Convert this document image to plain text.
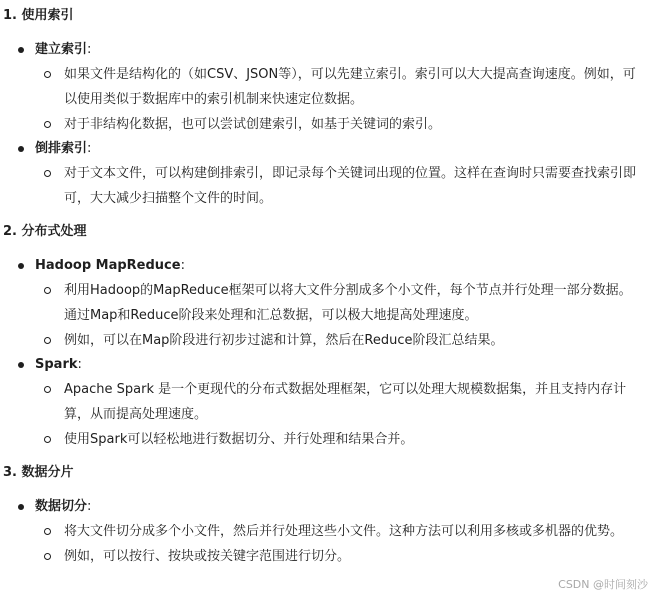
1. 使用索引
建立索引:
如果文件是结构化的（如CSV、JSON等），可以先建立索引。索引可以大大提高查询速度。例如，可以使用类似于数据库中的索引机制来快速定位数据。
对于非结构化数据，也可以尝试创建索引，如基于关键词的索引。
倒排索引:
对于文本文件，可以构建倒排索引，即记录每个关键词出现的位置。这样在查询时只需要查找索引即可，大大减少扫描整个文件的时间。
2. 分布式处理
Hadoop MapReduce:
利用Hadoop的MapReduce框架可以将大文件分割成多个小文件，每个节点并行处理一部分数据。通过Map和Reduce阶段来处理和汇总数据，可以极大地提高处理速度。
例如，可以在Map阶段进行初步过滤和计算，然后在Reduce阶段汇总结果。
Spark:
Apache Spark 是一个更现代的分布式数据处理框架，它可以处理大规模数据集，并且支持内存计算，从而提高处理速度。
使用Spark可以轻松地进行数据切分、并行处理和结果合并。
3. 数据分片
数据切分:
将大文件切分成多个小文件，然后并行处理这些小文件。这种方法可以利用多核或多机器的优势。
例如，可以按行、按块或按关键字范围进行切分。
CSDN @时间刻沙
